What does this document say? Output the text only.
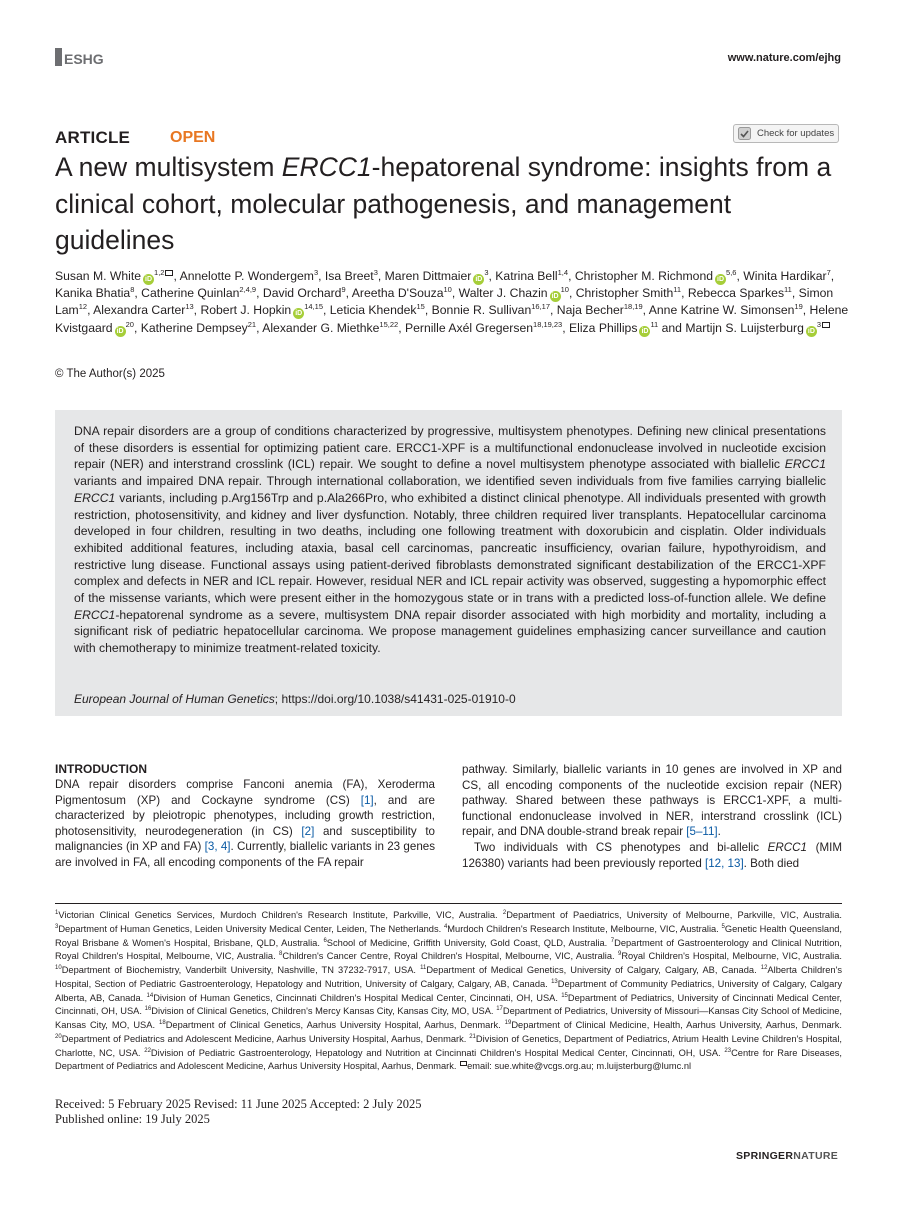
ESHG	www.nature.com/ejhg
ARTICLE OPEN	Check for updates
A new multisystem ERCC1-hepatorenal syndrome: insights from a clinical cohort, molecular pathogenesis, and management guidelines
Susan M. White iD$^{1,2}$ , Annelotte P. Wondergem$^3$, Isa Breet$^3$, Maren Dittmaier $iD^3$, Katrina Bell$^{1,4}$, Christopher M. Richmond iD$^{5,6}$, Winita Hardikar$^7$, Kanika Bhatia$^8$, Catherine Quinlan$^{2,4,9}$, David Orchard$^9$, Areetha D'Souza$^{10}$, Walter J. Chazin $iD^{10}$, Christopher Smith$^{11}$, Rebecca Sparkes$^{11}$, Simon Lam$^{12}$, Alexandra Carter$^{13}$, Robert J. Hopkin iD$^{14,15}$, Leticia Khendek$^{15}$, Bonnie R. Sullivan$^{16,17}$, Naja Becher$^{18,19}$, Anne Katrine W. Simonsen$^{19}$, Helene Kvistgaard $iD^{20}$, Katherine Dempsey$^{21}$, Alexander G. Miethke$^{15,22}$, Pernille Axél Gregersen$^{18,19,23}$, Eliza Phillips $iD^{11}$ and Martijn S. Luijsterburg $iD^3$
© The Author(s) 2025
DNA repair disorders are a group of conditions characterized by progressive, multisystem phenotypes. Defining new clinical presentations of these disorders is essential for optimizing patient care. ERCC1-XPF is a multifunctional endonuclease involved in nucleotide excision repair (NER) and interstrand crosslink (ICL) repair. We sought to define a novel multisystem phenotype associated with biallelic ERCC1 variants and impaired DNA repair. Through international collaboration, we identified seven individuals from five families carrying biallelic ERCC1 variants, including p.Arg156Trp and p.Ala266Pro, who exhibited a distinct clinical phenotype. All individuals presented with growth restriction, photosensitivity, and kidney and liver dysfunction. Notably, three children required liver transplants. Hepatocellular carcinoma developed in four children, resulting in two deaths, including one following treatment with doxorubicin and cisplatin. Older individuals exhibited additional features, including ataxia, basal cell carcinomas, pancreatic insufficiency, ovarian failure, hypothyroidism, and restrictive lung disease. Functional assays using patient-derived fibroblasts demonstrated significant destabilization of the ERCC1-XPF complex and defects in NER and ICL repair. However, residual NER and ICL repair activity was observed, suggesting a hypomorphic effect of the missense variants, which were present either in the homozygous state or in trans with a predicted loss-of-function allele. We define ERCC1-hepatorenal syndrome as a severe, multisystem DNA repair disorder associated with high morbidity and mortality, including a significant risk of pediatric hepatocellular carcinoma. We propose management guidelines emphasizing cancer surveillance and caution with chemotherapy to minimize treatment-related toxicity.
European Journal of Human Genetics; https://doi.org/10.1038/s41431-025-01910-0
INTRODUCTION

DNA repair disorders comprise Fanconi anemia (FA), Xeroderma Pigmentosum (XP) and Cockayne syndrome (CS) [1], and are characterized by pleiotropic phenotypes, including growth restriction, photosensitivity, neurodegeneration (in CS) [2] and susceptibility to malignancies (in XP and FA) [3, 4]. Currently, biallelic variants in 23 genes are involved in FA, all encoding components of the FA repair

pathway. Similarly, biallelic variants in 10 genes are involved in XP and CS, all encoding components of the nucleotide excision repair (NER) pathway. Shared between these pathways is ERCC1-XPF, a multi-functional endonuclease involved in NER, interstrand crosslink (ICL) repair, and DNA double-strand break repair [5–11].

Two individuals with CS phenotypes and bi-allelic ERCC1 (MIM 126380) variants had been previously reported [12, 13]. Both died

$^1$Victorian Clinical Genetics Services, Murdoch Children's Research Institute, Parkville, VIC, Australia. $^2$Department of Paediatrics, University of Melbourne, Parkville, VIC, Australia. $^3$Department of Human Genetics, Leiden University Medical Center, Leiden, The Netherlands. $^4$Murdoch Children's Research Institute, Melbourne, VIC, Australia. $^5$Genetic Health Queensland, Royal Brisbane & Women's Hospital, Brisbane, QLD, Australia. $^6$School of Medicine, Griffith University, Gold Coast, QLD, Australia. $^7$Department of Gastroenterology and Clinical Nutrition, Royal Children's Hospital, Melbourne, VIC, Australia. $^8$Children's Cancer Centre, Royal Children's Hospital, Melbourne, VIC, Australia. $^9$Royal Children's Hospital, Melbourne, VIC, Australia. $^{10}$Department of Biochemistry, Vanderbilt University, Nashville, TN 37232-7917, USA. $^{11}$Department of Medical Genetics, University of Calgary, Calgary, AB, Canada. $^{12}$Alberta Children's Hospital, Section of Pediatric Gastroenterology, Hepatology and Nutrition, University of Calgary, Calgary, AB, Canada. $^{13}$Department of Community Pediatrics, University of Calgary, Calgary Alberta, AB, Canada. $^{14}$Division of Human Genetics, Cincinnati Children's Hospital Medical Center, Cincinnati, OH, USA. $^{15}$Department of Pediatrics, University of Cincinnati Medical Center, Cincinnati, OH, USA. $^{16}$Division of Clinical Genetics, Children's Mercy Kansas City, Kansas City, MO, USA. $^{17}$Department of Pediatrics, University of Missouri—Kansas City School of Medicine, Kansas City, MO, USA. $^{18}$Department of Clinical Genetics, Aarhus University Hospital, Aarhus, Denmark. $^{19}$Department of Clinical Medicine, Health, Aarhus University, Aarhus, Denmark. $^{20}$Department of Pediatrics and Adolescent Medicine, Aarhus University Hospital, Aarhus, Denmark. $^{21}$Division of Genetics, Department of Pediatrics, Atrium Health Levine Children's Hospital, Charlotte, NC, USA. $^{22}$Division of Pediatric Gastroenterology, Hepatology and Nutrition at Cincinnati Children's Hospital Medical Center, Cincinnati, OH, USA. $^{23}$Centre for Rare Diseases, Department of Pediatrics and Adolescent Medicine, Aarhus University Hospital, Aarhus, Denmark. email: sue.white@vcgs.org.au; m.luijsterburg@lumc.nl
Received: 5 February 2025 Revised: 11 June 2025 Accepted: 2 July 2025
Published online: 19 July 2025
SPRINGERNATURE
